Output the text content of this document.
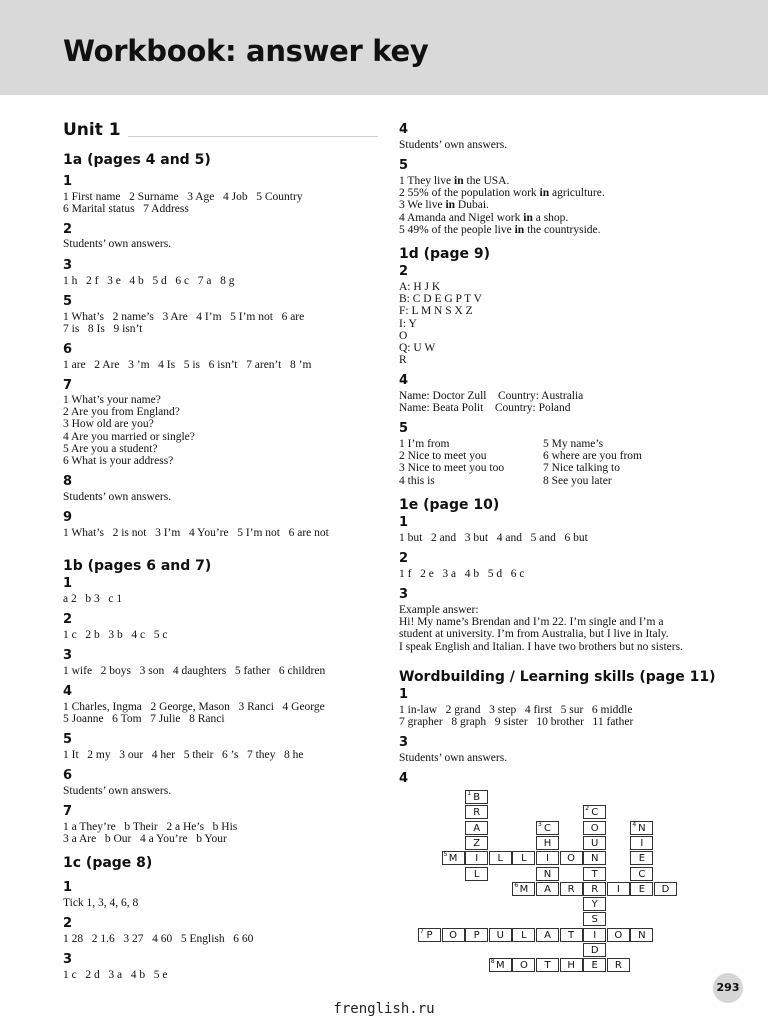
Workbook: answer key
Unit 1
1a (pages 4 and 5)
1
1 First name   2 Surname   3 Age   4 Job   5 Country
6 Marital status   7 Address
2
Students’ own answers.
3
1 h   2 f   3 e   4 b   5 d   6 c   7 a   8 g
5
1 What’s   2 name’s   3 Are   4 I’m   5 I’m not   6 are
7 is   8 Is   9 isn’t
6
1 are   2 Are   3 ’m   4 Is   5 is   6 isn’t   7 aren’t   8 ’m
7
1 What’s your name?
2 Are you from England?
3 How old are you?
4 Are you married or single?
5 Are you a student?
6 What is your address?
8
Students’ own answers.
9
1 What’s   2 is not   3 I’m   4 You’re   5 I’m not   6 are not
1b (pages 6 and 7)
1
a 2   b 3   c 1
2
1 c   2 b   3 b   4 c   5 c
3
1 wife   2 boys   3 son   4 daughters   5 father   6 children
4
1 Charles, Ingma   2 George, Mason   3 Ranci   4 George
5 Joanne   6 Tom   7 Julie   8 Ranci
5
1 It   2 my   3 our   4 her   5 their   6 ’s   7 they   8 he
6
Students’ own answers.
7
1 a They’re   b Their   2 a He’s   b His
3 a Are   b Our   4 a You’re   b Your
1c (page 8)
1
Tick 1, 3, 4, 6, 8
2
1 28   2 1.6   3 27   4 60   5 English   6 60
3
1 c   2 d   3 a   4 b   5 e
4
Students’ own answers.
5
1 They live in the USA.
2 55% of the population work in agriculture.
3 We live in Dubai.
4 Amanda and Nigel work in a shop.
5 49% of the people live in the countryside.
1d (page 9)
2
A: H J K
B: C D E G P T V
F: L M N S X Z
I: Y
O
Q: U W
R
4
Name: Doctor Zull    Country: Australia
Name: Beata Polit    Country: Poland
5
1 I’m from
2 Nice to meet you
3 Nice to meet you too
4 this is
5 My name’s
6 where are you from
7 Nice talking to
8 See you later
1e (page 10)
1
1 but   2 and   3 but   4 and   5 and   6 but
2
1 f   2 e   3 a   4 b   5 d   6 c
3
Example answer:
Hi! My name’s Brendan and I’m 22. I’m single and I’m a
student at university. I’m from Australia, but I live in Italy.
I speak English and Italian. I have two brothers but no sisters.
Wordbuilding / Learning skills (page 11)
1
1 in-law   2 grand   3 step   4 first   5 sur   6 middle
7 grapher   8 graph   9 sister   10 brother   11 father
3
Students’ own answers.
4
1 B
R
A
Z
I
L
2 C
O
U
N
T
R
Y
S
I
D
E
3 C
H
I
N
A
4 N
I
E
C
E
5 M	L	L	O
6 M	R	I	D
7 P	O	P	U	L	A	T	O	N
8 M	O	T	H	R
293
frenglish.ru
